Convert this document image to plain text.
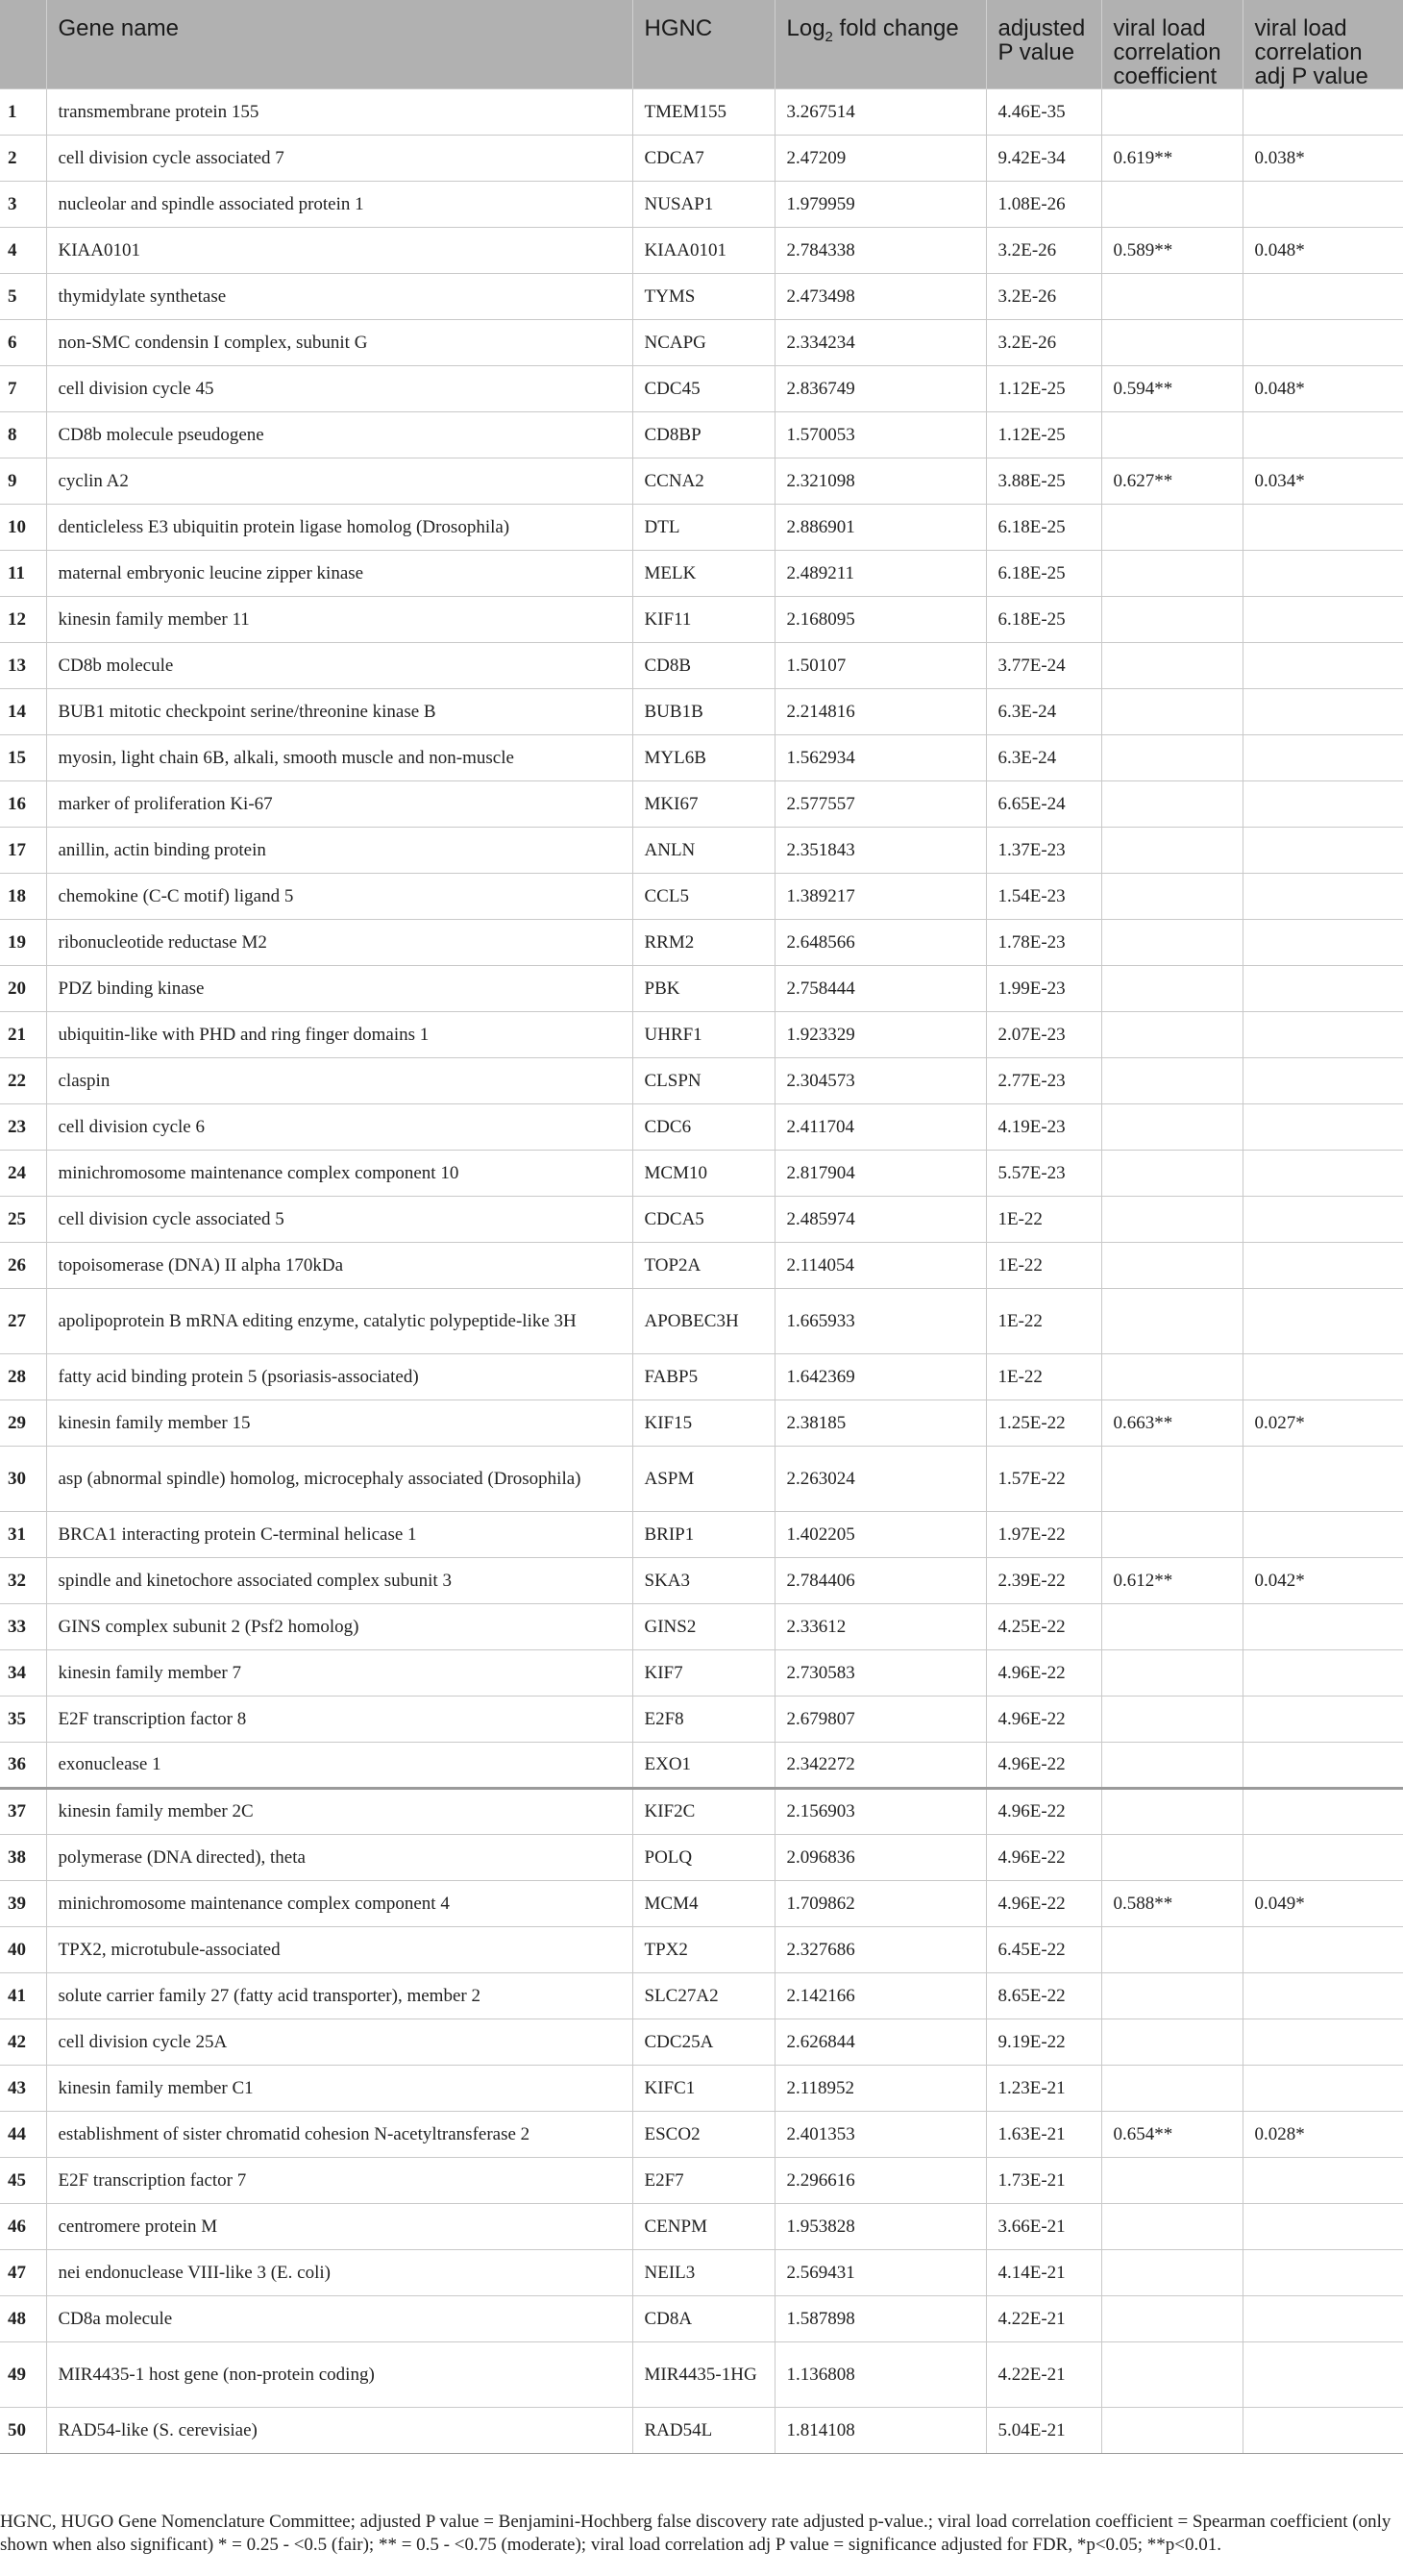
	Gene name	HGNC	Log$_2$ fold change	adjusted P value	viral load correlation coefficient	viral load correlation adj P value
1	transmembrane protein 155	TMEM155	3.267514	4.46E-35		
2	cell division cycle associated 7	CDCA7	2.47209	9.42E-34	0.619**	0.038*
3	nucleolar and spindle associated protein 1	NUSAP1	1.979959	1.08E-26		
4	KIAA0101	KIAA0101	2.784338	3.2E-26	0.589**	0.048*
5	thymidylate synthetase	TYMS	2.473498	3.2E-26		
6	non-SMC condensin I complex, subunit G	NCAPG	2.334234	3.2E-26		
7	cell division cycle 45	CDC45	2.836749	1.12E-25	0.594**	0.048*
8	CD8b molecule pseudogene	CD8BP	1.570053	1.12E-25		
9	cyclin A2	CCNA2	2.321098	3.88E-25	0.627**	0.034*
10	denticleless E3 ubiquitin protein ligase homolog (Drosophila)	DTL	2.886901	6.18E-25		
11	maternal embryonic leucine zipper kinase	MELK	2.489211	6.18E-25		
12	kinesin family member 11	KIF11	2.168095	6.18E-25		
13	CD8b molecule	CD8B	1.50107	3.77E-24		
14	BUB1 mitotic checkpoint serine/threonine kinase B	BUB1B	2.214816	6.3E-24		
15	myosin, light chain 6B, alkali, smooth muscle and non-muscle	MYL6B	1.562934	6.3E-24		
16	marker of proliferation Ki-67	MKI67	2.577557	6.65E-24		
17	anillin, actin binding protein	ANLN	2.351843	1.37E-23		
18	chemokine (C-C motif) ligand 5	CCL5	1.389217	1.54E-23		
19	ribonucleotide reductase M2	RRM2	2.648566	1.78E-23		
20	PDZ binding kinase	PBK	2.758444	1.99E-23		
21	ubiquitin-like with PHD and ring finger domains 1	UHRF1	1.923329	2.07E-23		
22	claspin	CLSPN	2.304573	2.77E-23		
23	cell division cycle 6	CDC6	2.411704	4.19E-23		
24	minichromosome maintenance complex component 10	MCM10	2.817904	5.57E-23		
25	cell division cycle associated 5	CDCA5	2.485974	1E-22		
26	topoisomerase (DNA) II alpha 170kDa	TOP2A	2.114054	1E-22		
27	apolipoprotein B mRNA editing enzyme, catalytic polypeptide-like 3H	APOBEC3H	1.665933	1E-22		
28	fatty acid binding protein 5 (psoriasis-associated)	FABP5	1.642369	1E-22		
29	kinesin family member 15	KIF15	2.38185	1.25E-22	0.663**	0.027*
30	asp (abnormal spindle) homolog, microcephaly associated (Drosophila)	ASPM	2.263024	1.57E-22		
31	BRCA1 interacting protein C-terminal helicase 1	BRIP1	1.402205	1.97E-22		
32	spindle and kinetochore associated complex subunit 3	SKA3	2.784406	2.39E-22	0.612**	0.042*
33	GINS complex subunit 2 (Psf2 homolog)	GINS2	2.33612	4.25E-22		
34	kinesin family member 7	KIF7	2.730583	4.96E-22		
35	E2F transcription factor 8	E2F8	2.679807	4.96E-22		
36	exonuclease 1	EXO1	2.342272	4.96E-22		
37	kinesin family member 2C	KIF2C	2.156903	4.96E-22		
38	polymerase (DNA directed), theta	POLQ	2.096836	4.96E-22		
39	minichromosome maintenance complex component 4	MCM4	1.709862	4.96E-22	0.588**	0.049*
40	TPX2, microtubule-associated	TPX2	2.327686	6.45E-22		
41	solute carrier family 27 (fatty acid transporter), member 2	SLC27A2	2.142166	8.65E-22		
42	cell division cycle 25A	CDC25A	2.626844	9.19E-22		
43	kinesin family member C1	KIFC1	2.118952	1.23E-21		
44	establishment of sister chromatid cohesion N-acetyltransferase 2	ESCO2	2.401353	1.63E-21	0.654**	0.028*
45	E2F transcription factor 7	E2F7	2.296616	1.73E-21		
46	centromere protein M	CENPM	1.953828	3.66E-21		
47	nei endonuclease VIII-like 3 (E. coli)	NEIL3	2.569431	4.14E-21		
48	CD8a molecule	CD8A	1.587898	4.22E-21		
49	MIR4435-1 host gene (non-protein coding)	MIR4435-1HG	1.136808	4.22E-21		
50	RAD54-like (S. cerevisiae)	RAD54L	1.814108	5.04E-21		
HGNC, HUGO Gene Nomenclature Committee; adjusted P value = Benjamini-Hochberg false discovery rate adjusted p-value.; viral load correlation coefficient = Spearman coefficient (only shown when also significant) * = 0.25 - <0.5 (fair); ** = 0.5 - <0.75 (moderate); viral load correlation adj P value = significance adjusted for FDR, *p<0.05; **p<0.01.
